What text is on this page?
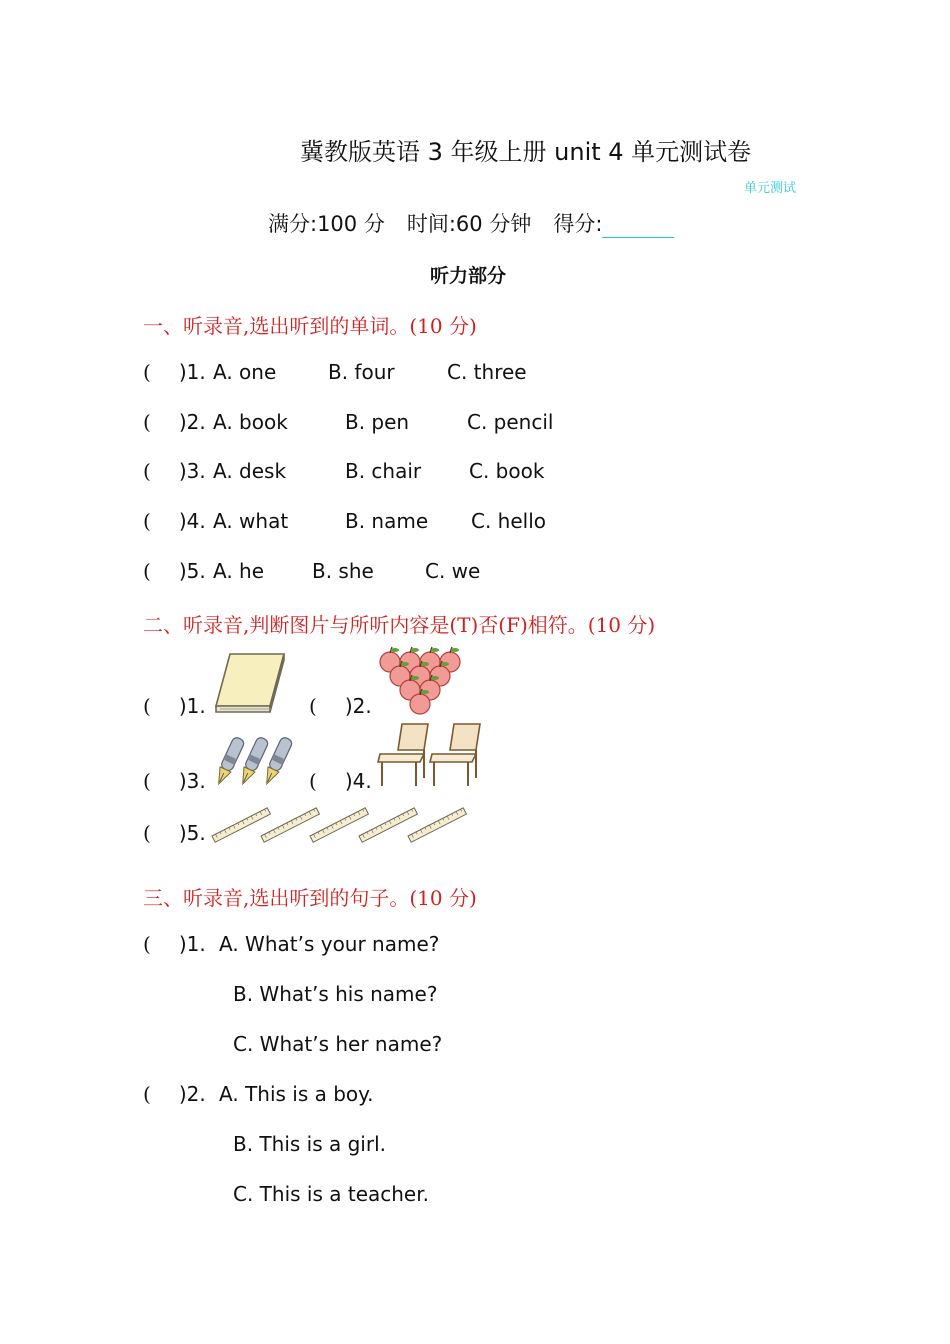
冀教版英语 3 年级上册 unit 4 单元测试卷
单元测试
满分:100 分 时间:60 分钟 得分:
听力部分
一、听录音,选出听到的单词。(10 分)
( )1. A. one	B. four	C. three
( )2. A. book	B. pen	C. pencil
( )3. A. desk	B. chair C. book
( )4. A. what	B. name C. hello
( )5. A. he B. she	C. we
二、听录音,判断图片与所听内容是(T)否(F)相符。(10 分)
( )1.	( )2.
( )3.	( )4.
( )5.
三、听录音,选出听到的句子。(10 分)
( )1. A. What’s your name?
B. What’s his name?
C. What’s her name?
( )2. A. This is a boy.
B. This is a girl.
C. This is a teacher.
